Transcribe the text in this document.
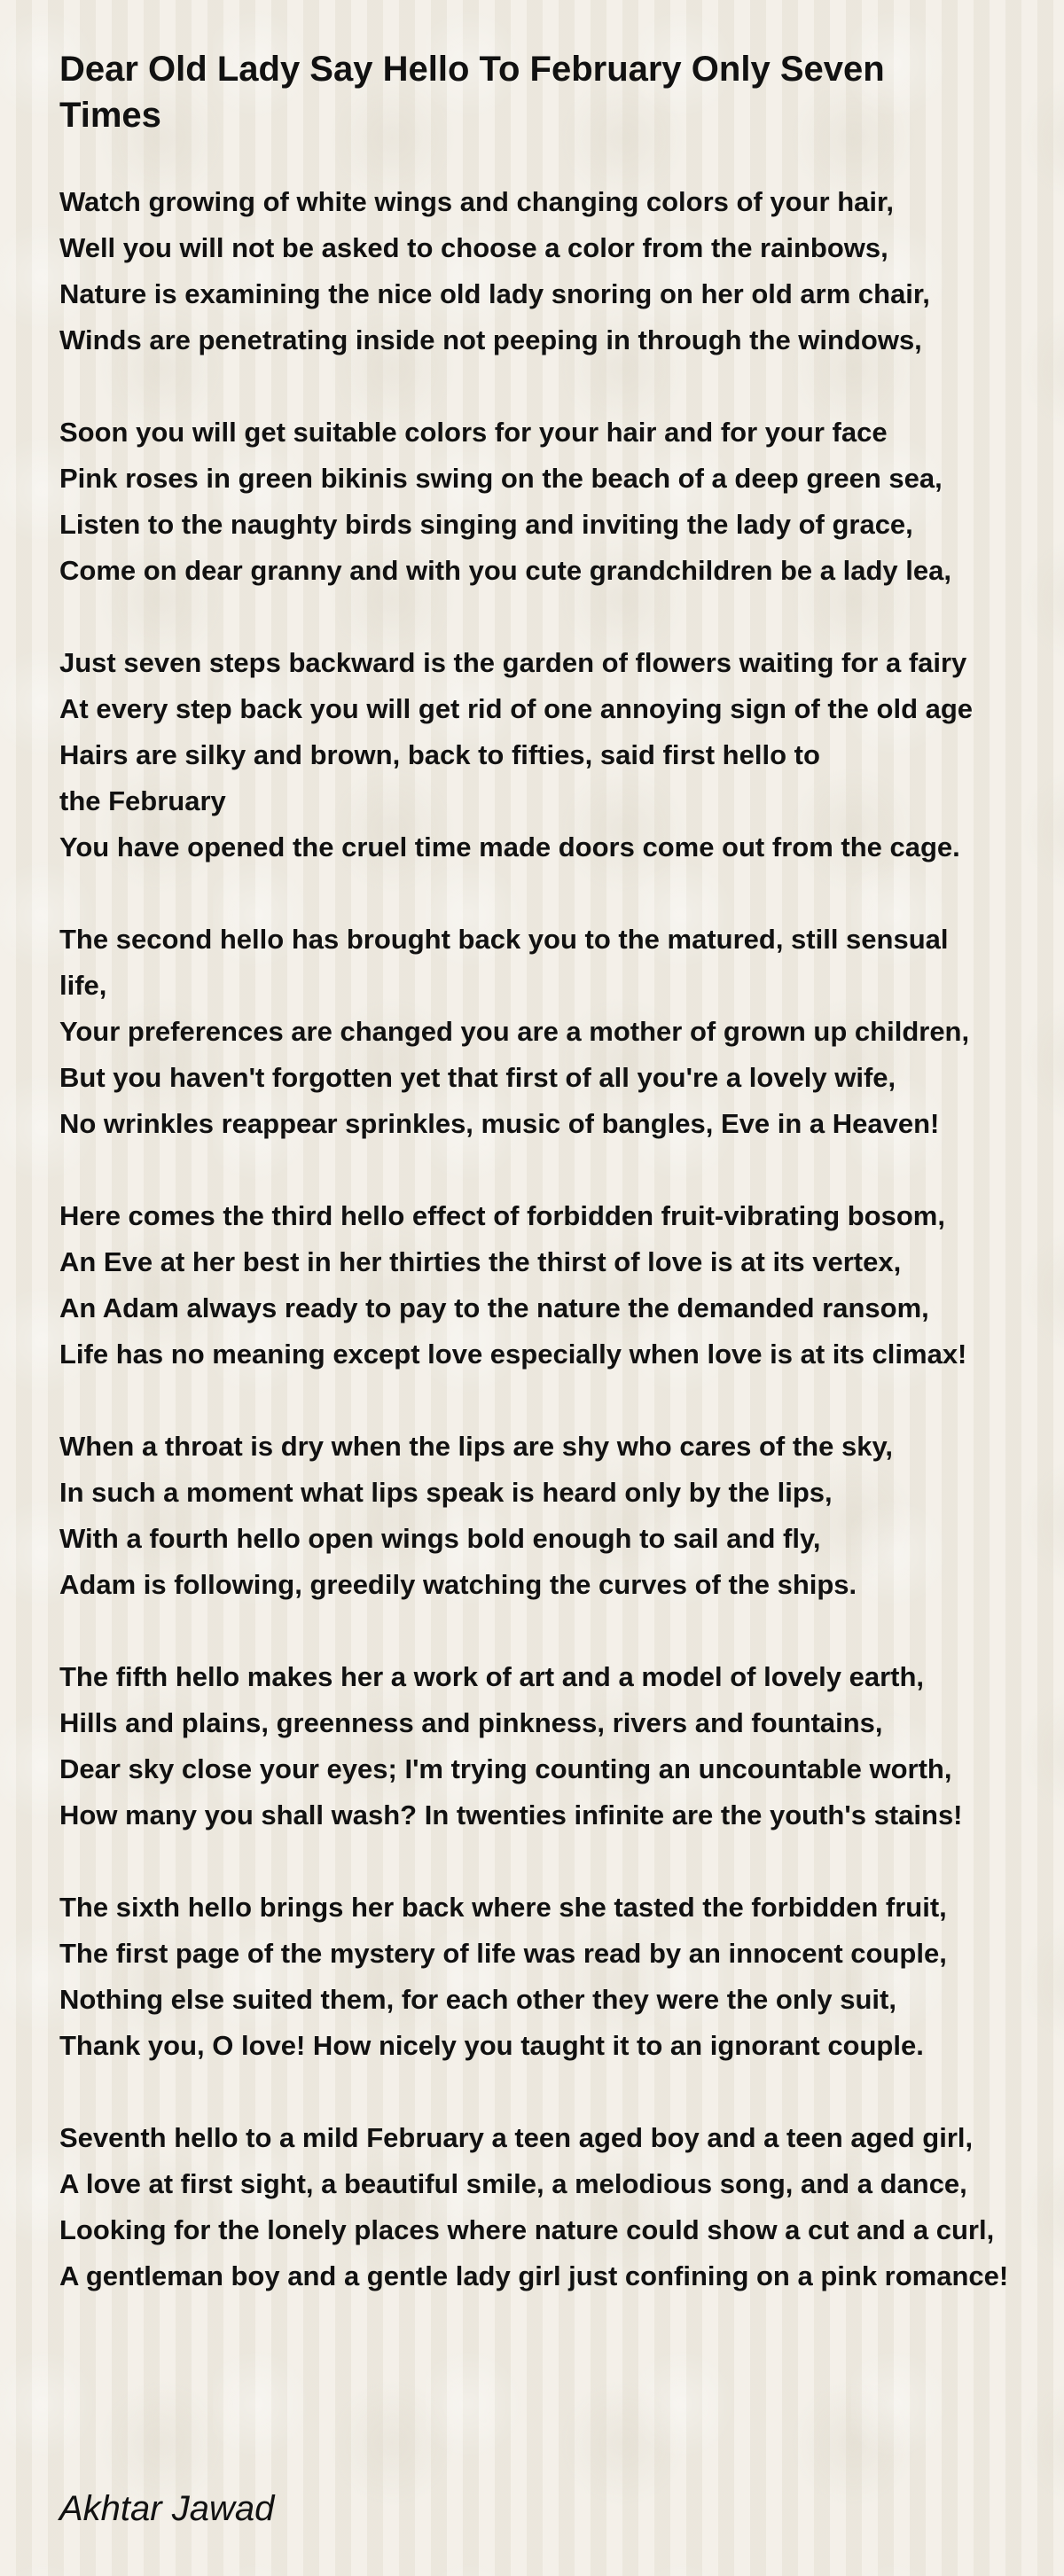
Dear Old Lady Say Hello To February Only Seven
Times
Watch growing of white wings and changing colors of your hair,
Well you will not be asked to choose a color from the rainbows,
Nature is examining the nice old lady snoring on her old arm chair,
Winds are penetrating inside not peeping in through the windows,
Soon you will get suitable colors for your hair and for your face
Pink roses in green bikinis swing on the beach of a deep green sea,
Listen to the naughty birds singing and inviting the lady of grace,
Come on dear granny and with you cute grandchildren be a lady lea,
Just seven steps backward is the garden of flowers waiting for a fairy
At every step back you will get rid of one annoying sign of the old age
Hairs are silky and brown, back to fifties, said first hello to
the February
You have opened the cruel time made doors come out from the cage.
The second hello has brought back you to the matured, still sensual
life,
Your preferences are changed you are a mother of grown up children,
But you haven't forgotten yet that first of all you're a lovely wife,
No wrinkles reappear sprinkles, music of bangles, Eve in a Heaven!
Here comes the third hello effect of forbidden fruit-vibrating bosom,
An Eve at her best in her thirties the thirst of love is at its vertex,
An Adam always ready to pay to the nature the demanded ransom,
Life has no meaning except love especially when love is at its climax!
When a throat is dry when the lips are shy who cares of the sky,
In such a moment what lips speak is heard only by the lips,
With a fourth hello open wings bold enough to sail and fly,
Adam is following, greedily watching the curves of the ships.
The fifth hello makes her a work of art and a model of lovely earth,
Hills and plains, greenness and pinkness, rivers and fountains,
Dear sky close your eyes; I'm trying counting an uncountable worth,
How many you shall wash? In twenties infinite are the youth's stains!
The sixth hello brings her back where she tasted the forbidden fruit,
The first page of the mystery of life was read by an innocent couple,
Nothing else suited them, for each other they were the only suit,
Thank you, O love! How nicely you taught it to an ignorant couple.
Seventh hello to a mild February a teen aged boy and a teen aged girl,
A love at first sight, a beautiful smile, a melodious song, and a dance,
Looking for the lonely places where nature could show a cut and a curl,
A gentleman boy and a gentle lady girl just confining on a pink romance!
Akhtar Jawad
